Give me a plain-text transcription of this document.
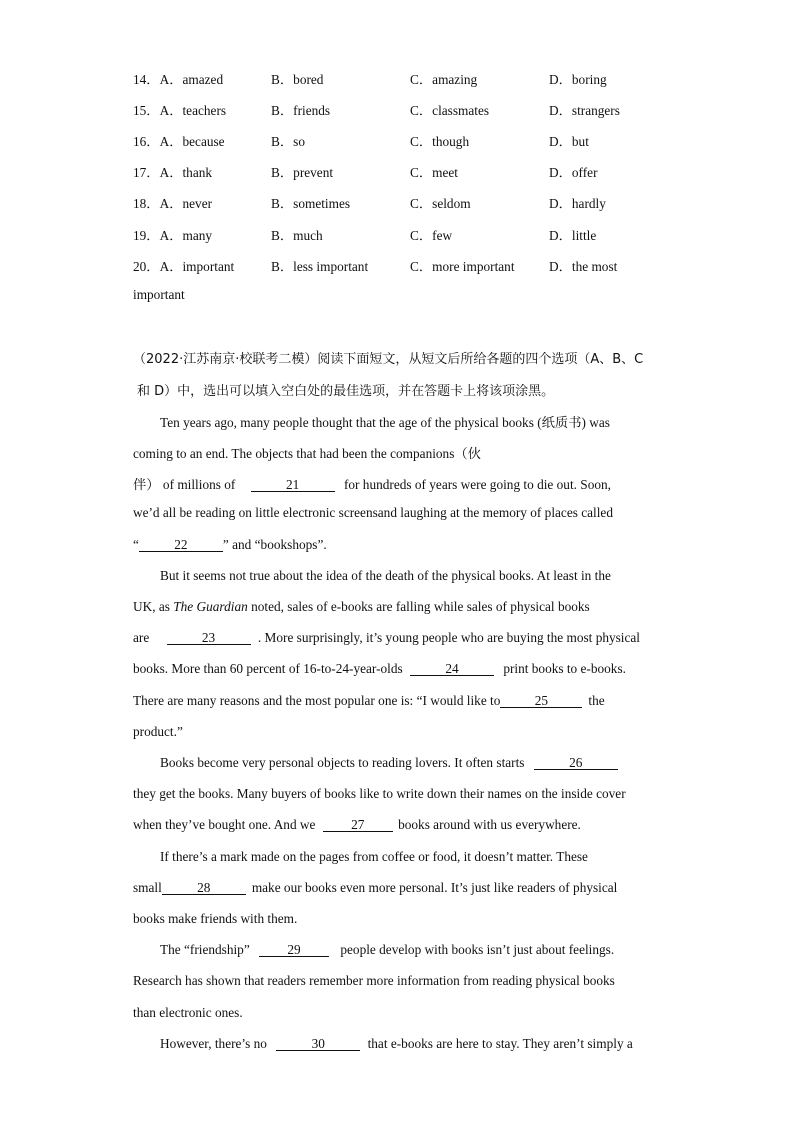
14．A．amazed	B．bored	C．amazing	D．boring
15．A．teachers	B．friends	C．classmates	D．strangers
16．A．because	B．so	C．though	D．but
17．A．thank	B．prevent	C．meet	D．offer
18．A．never	B．sometimes	C．seldom	D．hardly
19．A．many	B．much	C．few	D．little
20．A．important	B．less important	C．more important	D．the most
important
（2022·江苏南京·校联考二模）阅读下面短文，从短文后所给各题的四个选项（A、B、C
和 D）中，选出可以填入空白处的最佳选项，并在答题卡上将该项涂黑。
Ten years ago, many people thought that the age of the physical books (纸质书) was
coming to an end. The objects that had been the companions（伙
伴） of millions of	21	for hundreds of years were going to die out. Soon,
we’d all be reading on little electronic screensand laughing at the memory of places called
“	22	” and “bookshops”.
But it seems not true about the idea of the death of the physical books. At least in the
UK, as The Guardian noted, sales of e-books are falling while sales of physical books
are	23	. More surprisingly, it’s young people who are buying the most physical
books. More than 60 percent of 16-to-24-year-olds	24	print books to e-books.
There are many reasons and the most popular one is: “I would like to	25	the
product.”
Books become very personal objects to reading lovers. It often starts	26
they get the books. Many buyers of books like to write down their names on the inside cover
when they’ve bought one. And we	27	books around with us everywhere.
If there’s a mark made on the pages from coffee or food, it doesn’t matter. These
small	28	make our books even more personal. It’s just like readers of physical
books make friends with them.
The “friendship”	29	people develop with books isn’t just about feelings.
Research has shown that readers remember more information from reading physical books
than electronic ones.
However, there’s no	30	that e-books are here to stay. They aren’t simply a
